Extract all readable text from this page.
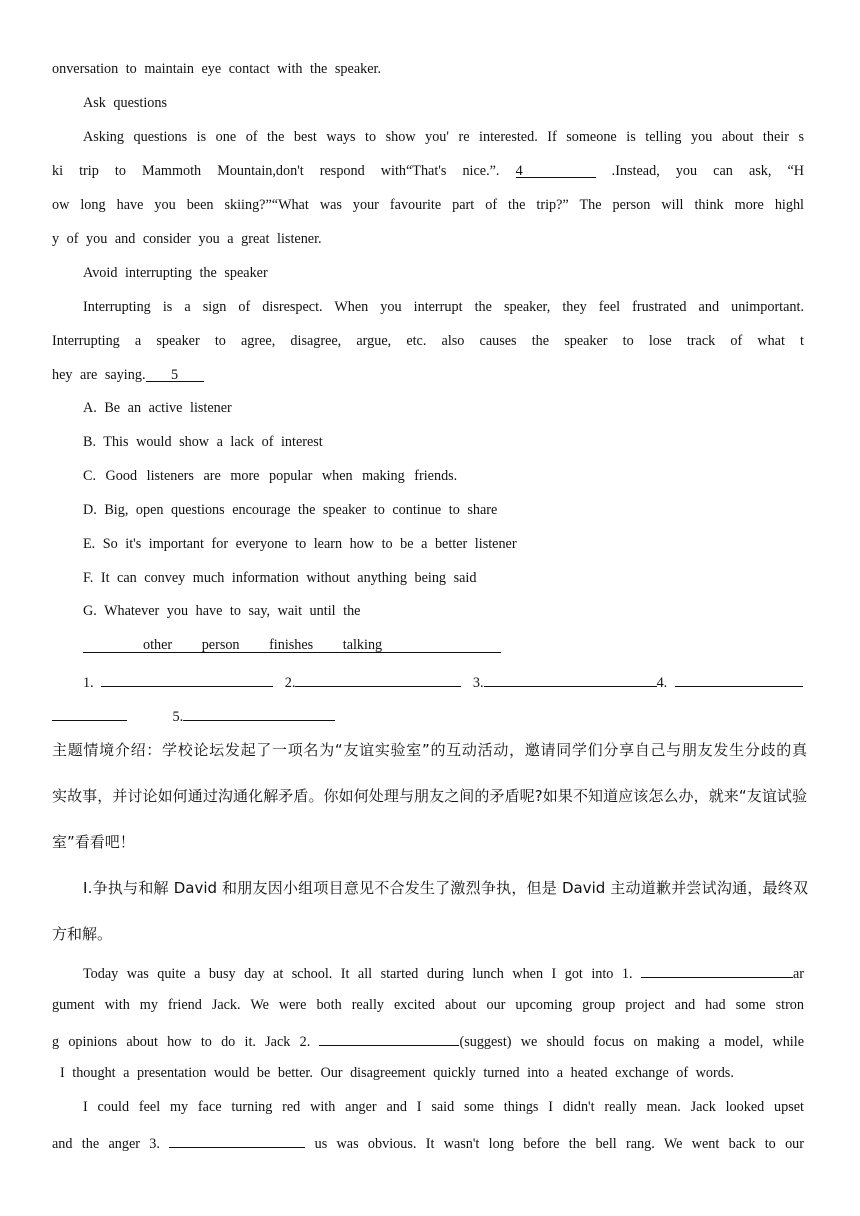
onversation to maintain eye contact with the speaker.
Ask questions
Asking questions is one of the best ways to show you' re interested. If someone is telling you about their s
ki trip to Mammoth Mountain,don't respond with“That's nice.”. 4	.Instead, you can ask, “H
ow long have you been skiing?”“What was your favourite part of the trip?” The person will think more highl
y of you and consider you a great listener.
Avoid interrupting the speaker
Interrupting is a sign of disrespect. When you interrupt the speaker, they feel frustrated and unimportant.
Interrupting a speaker to agree, disagree, argue, etc. also causes the speaker to lose track of what t
hey are saying. 5
A. Be an active listener
B. This would show a lack of interest
C. Good listeners are more popular when making friends.
D. Big, open questions encourage the speaker to continue to share
E. So it's important for everyone to learn how to be a better listener
F. It can convey much information without anything being said
G. Whatever you have to say, wait until the
other person finishes talking
1.	2.	3.	4.
5.
主题情境介绍：学校论坛发起了一项名为“友谊实验室”的互动活动，邀请同学们分享自己与朋友发生分歧的真
实故事，并讨论如何通过沟通化解矛盾。你如何处理与朋友之间的矛盾呢?如果不知道应该怎么办，就来“友谊试验
室”看看吧！
Ⅰ.争执与和解 David 和朋友因小组项目意见不合发生了激烈争执，但是 David 主动道歉并尝试沟通，最终双
方和解。
Today was quite a busy day at school. It all started during lunch when I got into 1.	ar
gument with my friend Jack. We were both really excited about our upcoming group project and had some stron
g opinions about how to do it. Jack 2.	(suggest) we should focus on making a model, while
I thought a presentation would be better. Our disagreement quickly turned into a heated exchange of words.
I could feel my face turning red with anger and I said some things I didn't really mean. Jack looked upset
and the anger 3.	us was obvious. It wasn't long before the bell rang. We went back to our
